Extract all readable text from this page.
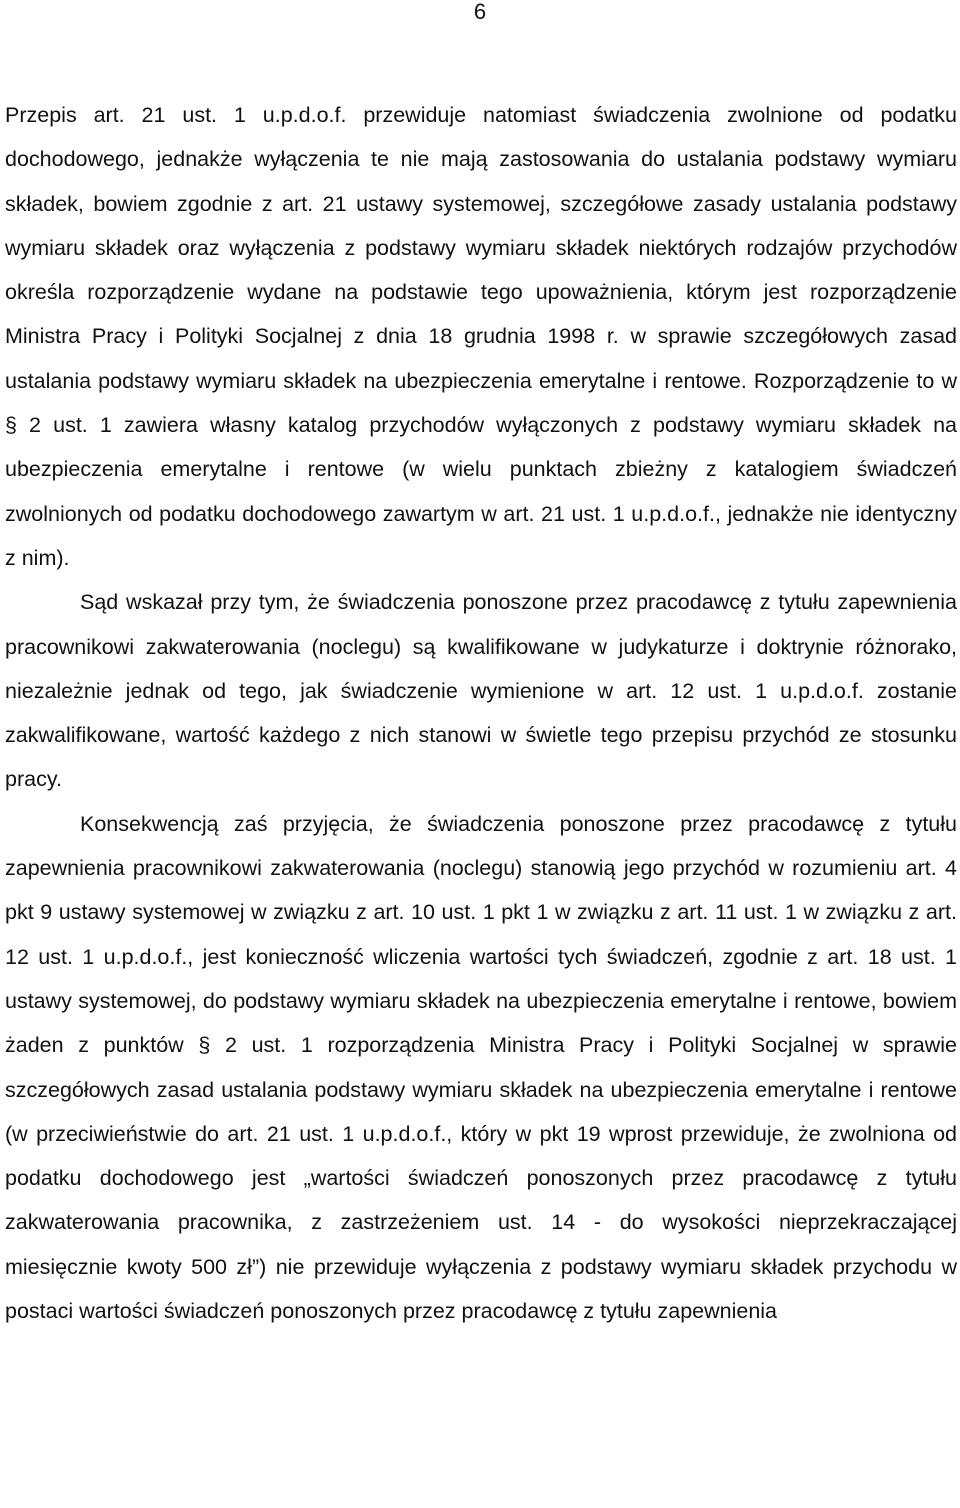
6

Przepis art. 21 ust. 1 u.p.d.o.f. przewiduje natomiast świadczenia zwolnione od podatku dochodowego, jednakże wyłączenia te nie mają zastosowania do ustalania podstawy wymiaru składek, bowiem zgodnie z art. 21 ustawy systemowej, szczegółowe zasady ustalania podstawy wymiaru składek oraz wyłączenia z podstawy wymiaru składek niektórych rodzajów przychodów określa rozporządzenie wydane na podstawie tego upoważnienia, którym jest rozporządzenie Ministra Pracy i Polityki Socjalnej z dnia 18 grudnia 1998 r. w sprawie szczegółowych zasad ustalania podstawy wymiaru składek na ubezpieczenia emerytalne i rentowe. Rozporządzenie to w § 2 ust. 1 zawiera własny katalog przychodów wyłączonych z podstawy wymiaru składek na ubezpieczenia emerytalne i rentowe (w wielu punktach zbieżny z katalogiem świadczeń zwolnionych od podatku dochodowego zawartym w art. 21 ust. 1 u.p.d.o.f., jednakże nie identyczny z nim).

Sąd wskazał przy tym, że świadczenia ponoszone przez pracodawcę z tytułu zapewnienia pracownikowi zakwaterowania (noclegu) są kwalifikowane w judykaturze i doktrynie różnorako, niezależnie jednak od tego, jak świadczenie wymienione w art. 12 ust. 1 u.p.d.o.f. zostanie zakwalifikowane, wartość każdego z nich stanowi w świetle tego przepisu przychód ze stosunku pracy.

Konsekwencją zaś przyjęcia, że świadczenia ponoszone przez pracodawcę z tytułu zapewnienia pracownikowi zakwaterowania (noclegu) stanowią jego przychód w rozumieniu art. 4 pkt 9 ustawy systemowej w związku z art. 10 ust. 1 pkt 1 w związku z art. 11 ust. 1 w związku z art. 12 ust. 1 u.p.d.o.f., jest konieczność wliczenia wartości tych świadczeń, zgodnie z art. 18 ust. 1 ustawy systemowej, do podstawy wymiaru składek na ubezpieczenia emerytalne i rentowe, bowiem żaden z punktów § 2 ust. 1 rozporządzenia Ministra Pracy i Polityki Socjalnej w sprawie szczegółowych zasad ustalania podstawy wymiaru składek na ubezpieczenia emerytalne i rentowe (w przeciwieństwie do art. 21 ust. 1 u.p.d.o.f., który w pkt 19 wprost przewiduje, że zwolniona od podatku dochodowego jest „wartości świadczeń ponoszonych przez pracodawcę z tytułu zakwaterowania pracownika, z zastrzeżeniem ust. 14 - do wysokości nieprzekraczającej miesięcznie kwoty 500 zł”) nie przewiduje wyłączenia z podstawy wymiaru składek przychodu w postaci wartości świadczeń ponoszonych przez pracodawcę z tytułu zapewnienia
